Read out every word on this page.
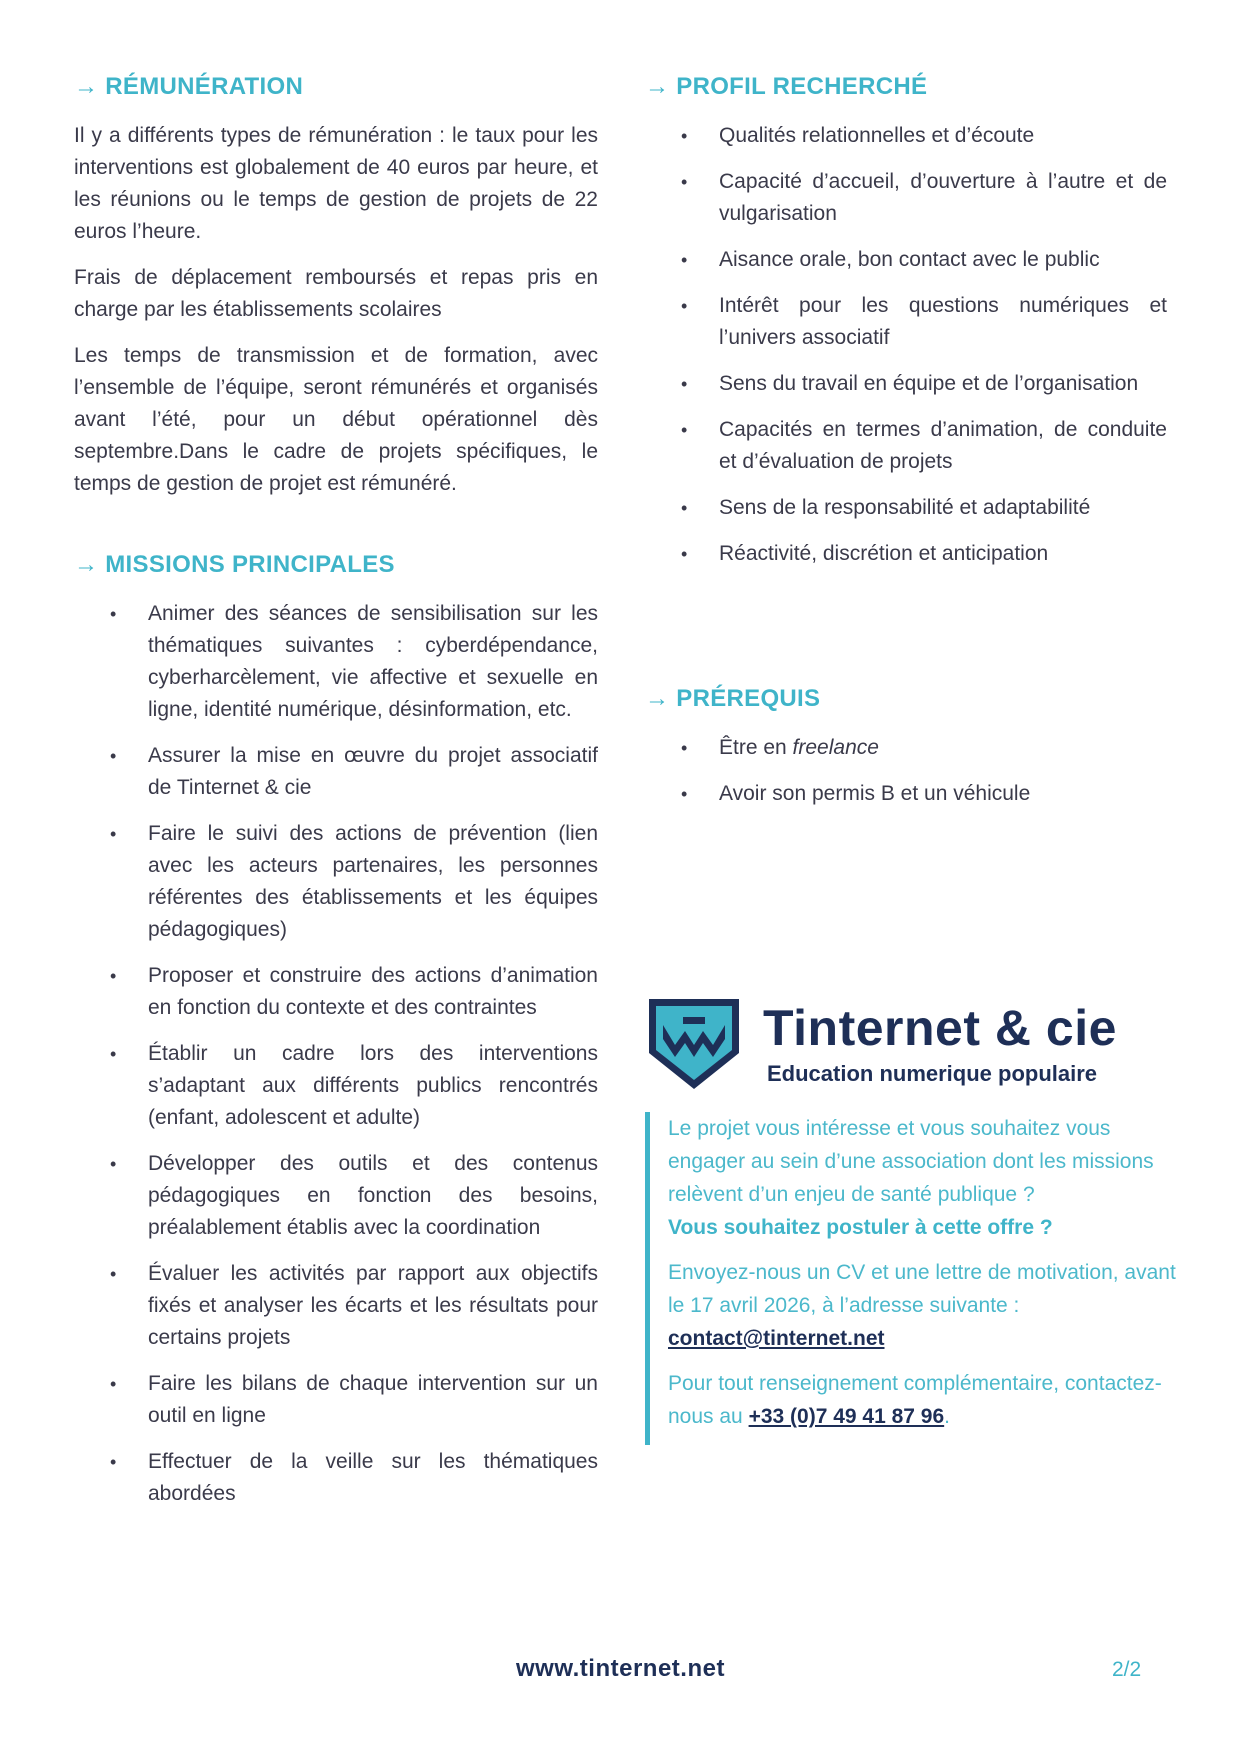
→ RÉMUNÉRATION

Il y a différents types de rémunération : le taux pour les interventions est globalement de 40 euros par heure, et les réunions ou le temps de gestion de projets de 22 euros l’heure.

Frais de déplacement remboursés et repas pris en charge par les établissements scolaires

Les temps de transmission et de formation, avec l’ensemble de l’équipe, seront rémunérés et organisés avant l’été, pour un début opérationnel dès septembre.Dans le cadre de projets spécifiques, le temps de gestion de projet est rémunéré.

→ MISSIONS PRINCIPALES
• Animer des séances de sensibilisation sur les thématiques suivantes : cyberdépendance, cyberharcèlement, vie affective et sexuelle en ligne, identité numérique, désinformation, etc.
• Assurer la mise en œuvre du projet associatif de Tinternet & cie
• Faire le suivi des actions de prévention (lien avec les acteurs partenaires, les personnes référentes des établissements et les équipes pédagogiques)
• Proposer et construire des actions d’animation en fonction du contexte et des contraintes
• Établir un cadre lors des interventions s’adaptant aux différents publics rencontrés (enfant, adolescent et adulte)
• Développer des outils et des contenus pédagogiques en fonction des besoins, préalablement établis avec la coordination
• Évaluer les activités par rapport aux objectifs fixés et analyser les écarts et les résultats pour certains projets
• Faire les bilans de chaque intervention sur un outil en ligne
• Effectuer de la veille sur les thématiques abordées
→ PROFIL RECHERCHÉ
• Qualités relationnelles et d’écoute
• Capacité d’accueil, d’ouverture à l’autre et de vulgarisation
• Aisance orale, bon contact avec le public
• Intérêt pour les questions numériques et l’univers associatif
• Sens du travail en équipe et de l’organisation
• Capacités en termes d’animation, de conduite et d’évaluation de projets
• Sens de la responsabilité et adaptabilité
• Réactivité, discrétion et anticipation
→ PRÉREQUIS
• Être en freelance
• Avoir son permis B et un véhicule
Tinternet & cie
Education numerique populaire

Le projet vous intéresse et vous souhaitez vous engager au sein d’une association dont les missions relèvent d’un enjeu de santé publique ?

Vous souhaitez postuler à cette offre ?

Envoyez-nous un CV et une lettre de motivation, avant le 17 avril 2026, à l’adresse suivante : contact@tinternet.net

Pour tout renseignement complémentaire, contactez-nous au +33 (0)7 49 41 87 96.

www.tinternet.net	2/2
